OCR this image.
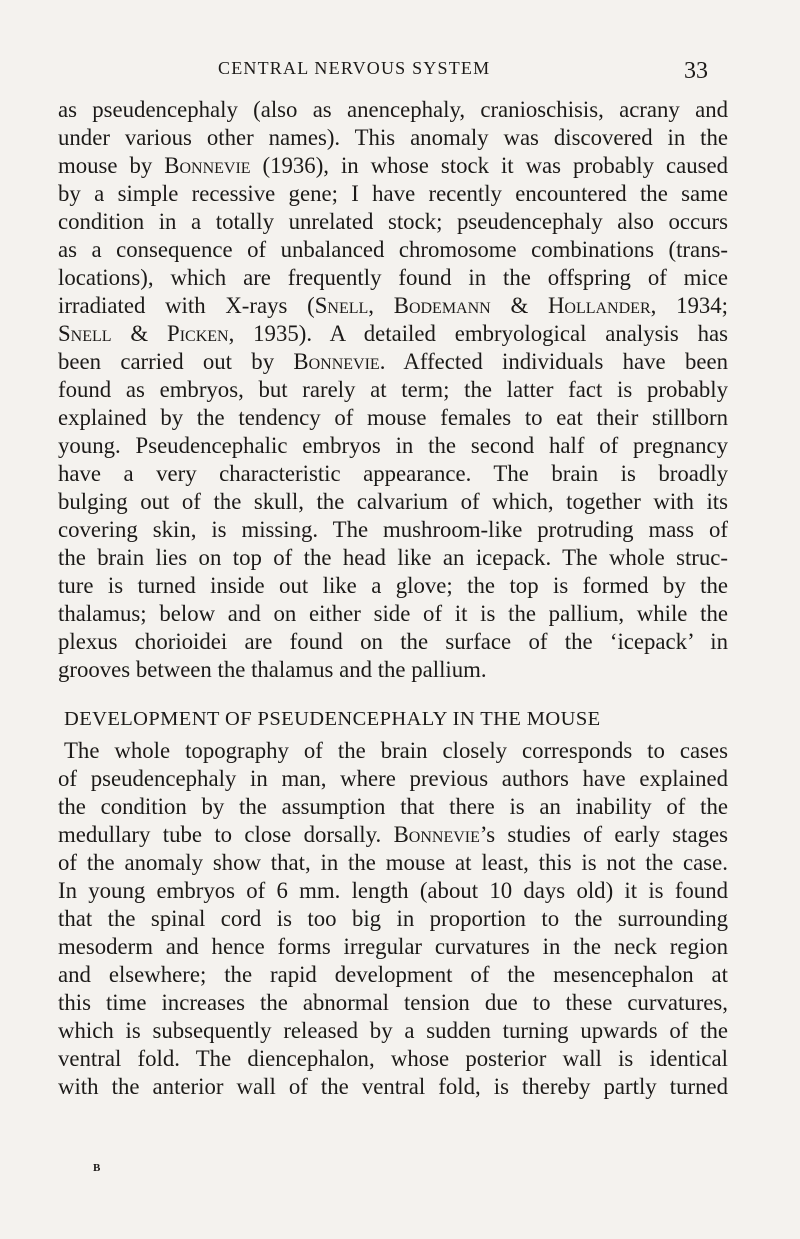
CENTRAL NERVOUS SYSTEM	33
as pseudencephaly (also as anencephaly, cranioschisis, acrany and
under various other names). This anomaly was discovered in the
mouse by Bonnevie (1936), in whose stock it was probably caused
by a simple recessive gene; I have recently encountered the same
condition in a totally unrelated stock; pseudencephaly also occurs
as a consequence of unbalanced chromosome combinations (trans-
locations), which are frequently found in the offspring of mice
irradiated with X-rays (Snell, Bodemann & Hollander, 1934;
Snell & Picken, 1935). A detailed embryological analysis has
been carried out by Bonnevie. Affected individuals have been
found as embryos, but rarely at term; the latter fact is probably
explained by the tendency of mouse females to eat their stillborn
young. Pseudencephalic embryos in the second half of pregnancy
have a very characteristic appearance. The brain is broadly
bulging out of the skull, the calvarium of which, together with its
covering skin, is missing. The mushroom-like protruding mass of
the brain lies on top of the head like an icepack. The whole struc-
ture is turned inside out like a glove; the top is formed by the
thalamus; below and on either side of it is the pallium, while the
plexus chorioidei are found on the surface of the ‘icepack’ in
grooves between the thalamus and the pallium.
DEVELOPMENT OF PSEUDENCEPHALY IN THE MOUSE
The whole topography of the brain closely corresponds to cases
of pseudencephaly in man, where previous authors have explained
the condition by the assumption that there is an inability of the
medullary tube to close dorsally. Bonnevie’s studies of early stages
of the anomaly show that, in the mouse at least, this is not the case.
In young embryos of 6 mm. length (about 10 days old) it is found
that the spinal cord is too big in proportion to the surrounding
mesoderm and hence forms irregular curvatures in the neck region
and elsewhere; the rapid development of the mesencephalon at
this time increases the abnormal tension due to these curvatures,
which is subsequently released by a sudden turning upwards of the
ventral fold. The diencephalon, whose posterior wall is identical
with the anterior wall of the ventral fold, is thereby partly turned
B
